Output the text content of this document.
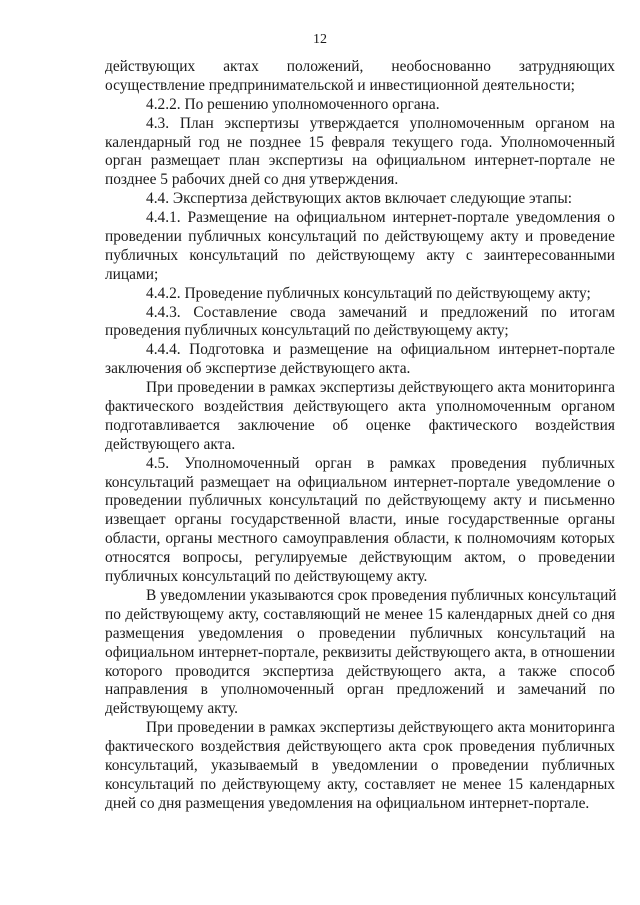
12
действующих актах положений, необоснованно затрудняющих
осуществление предпринимательской и инвестиционной деятельности;
4.2.2. По решению уполномоченного органа.
4.3. План экспертизы утверждается уполномоченным органом на
календарный год не позднее 15 февраля текущего года. Уполномоченный
орган размещает план экспертизы на официальном интернет-портале не
позднее 5 рабочих дней со дня утверждения.
4.4. Экспертиза действующих актов включает следующие этапы:
4.4.1. Размещение на официальном интернет-портале уведомления о
проведении публичных консультаций по действующему акту и проведение
публичных консультаций по действующему акту с заинтересованными
лицами;
4.4.2. Проведение публичных консультаций по действующему акту;
4.4.3. Составление свода замечаний и предложений по итогам
проведения публичных консультаций по действующему акту;
4.4.4. Подготовка и размещение на официальном интернет-портале
заключения об экспертизе действующего акта.
При проведении в рамках экспертизы действующего акта мониторинга
фактического воздействия действующего акта уполномоченным органом
подготавливается заключение об оценке фактического воздействия
действующего акта.
4.5. Уполномоченный орган в рамках проведения публичных
консультаций размещает на официальном интернет-портале уведомление о
проведении публичных консультаций по действующему акту и письменно
извещает органы государственной власти, иные государственные органы
области, органы местного самоуправления области, к полномочиям которых
относятся вопросы, регулируемые действующим актом, о проведении
публичных консультаций по действующему акту.
В уведомлении указываются срок проведения публичных консультаций
по действующему акту, составляющий не менее 15 календарных дней со дня
размещения уведомления о проведении публичных консультаций на
официальном интернет-портале, реквизиты действующего акта, в отношении
которого проводится экспертиза действующего акта, а также способ
направления в уполномоченный орган предложений и замечаний по
действующему акту.
При проведении в рамках экспертизы действующего акта мониторинга
фактического воздействия действующего акта срок проведения публичных
консультаций, указываемый в уведомлении о проведении публичных
консультаций по действующему акту, составляет не менее 15 календарных
дней со дня размещения уведомления на официальном интернет-портале.
